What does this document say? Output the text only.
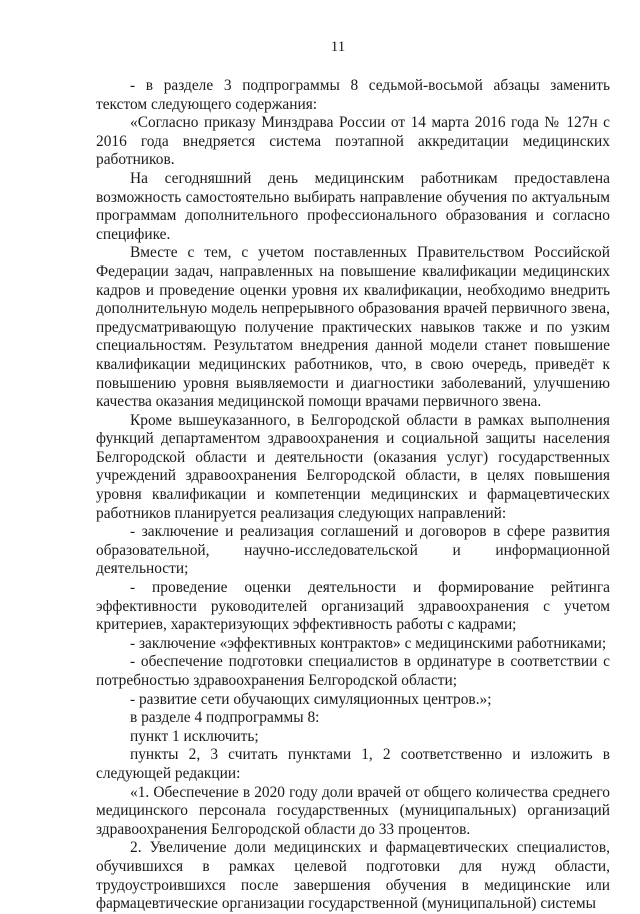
11

- в разделе 3 подпрограммы 8 седьмой-восьмой абзацы заменить текстом следующего содержания:

«Согласно приказу Минздрава России от 14 марта 2016 года № 127н с 2016 года внедряется система поэтапной аккредитации медицинских работников.

На сегодняшний день медицинским работникам предоставлена возможность самостоятельно выбирать направление обучения по актуальным программам дополнительного профессионального образования и согласно специфике.

Вместе с тем, с учетом поставленных Правительством Российской Федерации задач, направленных на повышение квалификации медицинских кадров и проведение оценки уровня их квалификации, необходимо внедрить дополнительную модель непрерывного образования врачей первичного звена, предусматривающую получение практических навыков также и по узким специальностям. Результатом внедрения данной модели станет повышение квалификации медицинских работников, что, в свою очередь, приведёт к повышению уровня выявляемости и диагностики заболеваний, улучшению качества оказания медицинской помощи врачами первичного звена.

Кроме вышеуказанного, в Белгородской области в рамках выполнения функций департаментом здравоохранения и социальной защиты населения Белгородской области и деятельности (оказания услуг) государственных учреждений здравоохранения Белгородской области, в целях повышения уровня квалификации и компетенции медицинских и фармацевтических работников планируется реализация следующих направлений:

- заключение и реализация соглашений и договоров в сфере развития образовательной, научно-исследовательской и информационной деятельности;

- проведение оценки деятельности и формирование рейтинга эффективности руководителей организаций здравоохранения с учетом критериев, характеризующих эффективность работы с кадрами;

- заключение «эффективных контрактов» с медицинскими работниками;

- обеспечение подготовки специалистов в ординатуре в соответствии с потребностью здравоохранения Белгородской области;

- развитие сети обучающих симуляционных центров.»;

в разделе 4 подпрограммы 8:

пункт 1 исключить;

пункты 2, 3 считать пунктами 1, 2 соответственно и изложить в следующей редакции:

«1. Обеспечение в 2020 году доли врачей от общего количества среднего медицинского персонала государственных (муниципальных) организаций здравоохранения Белгородской области до 33 процентов.

2. Увеличение доли медицинских и фармацевтических специалистов, обучившихся в рамках целевой подготовки для нужд области, трудоустроившихся после завершения обучения в медицинские или фармацевтические организации государственной (муниципальной) системы
